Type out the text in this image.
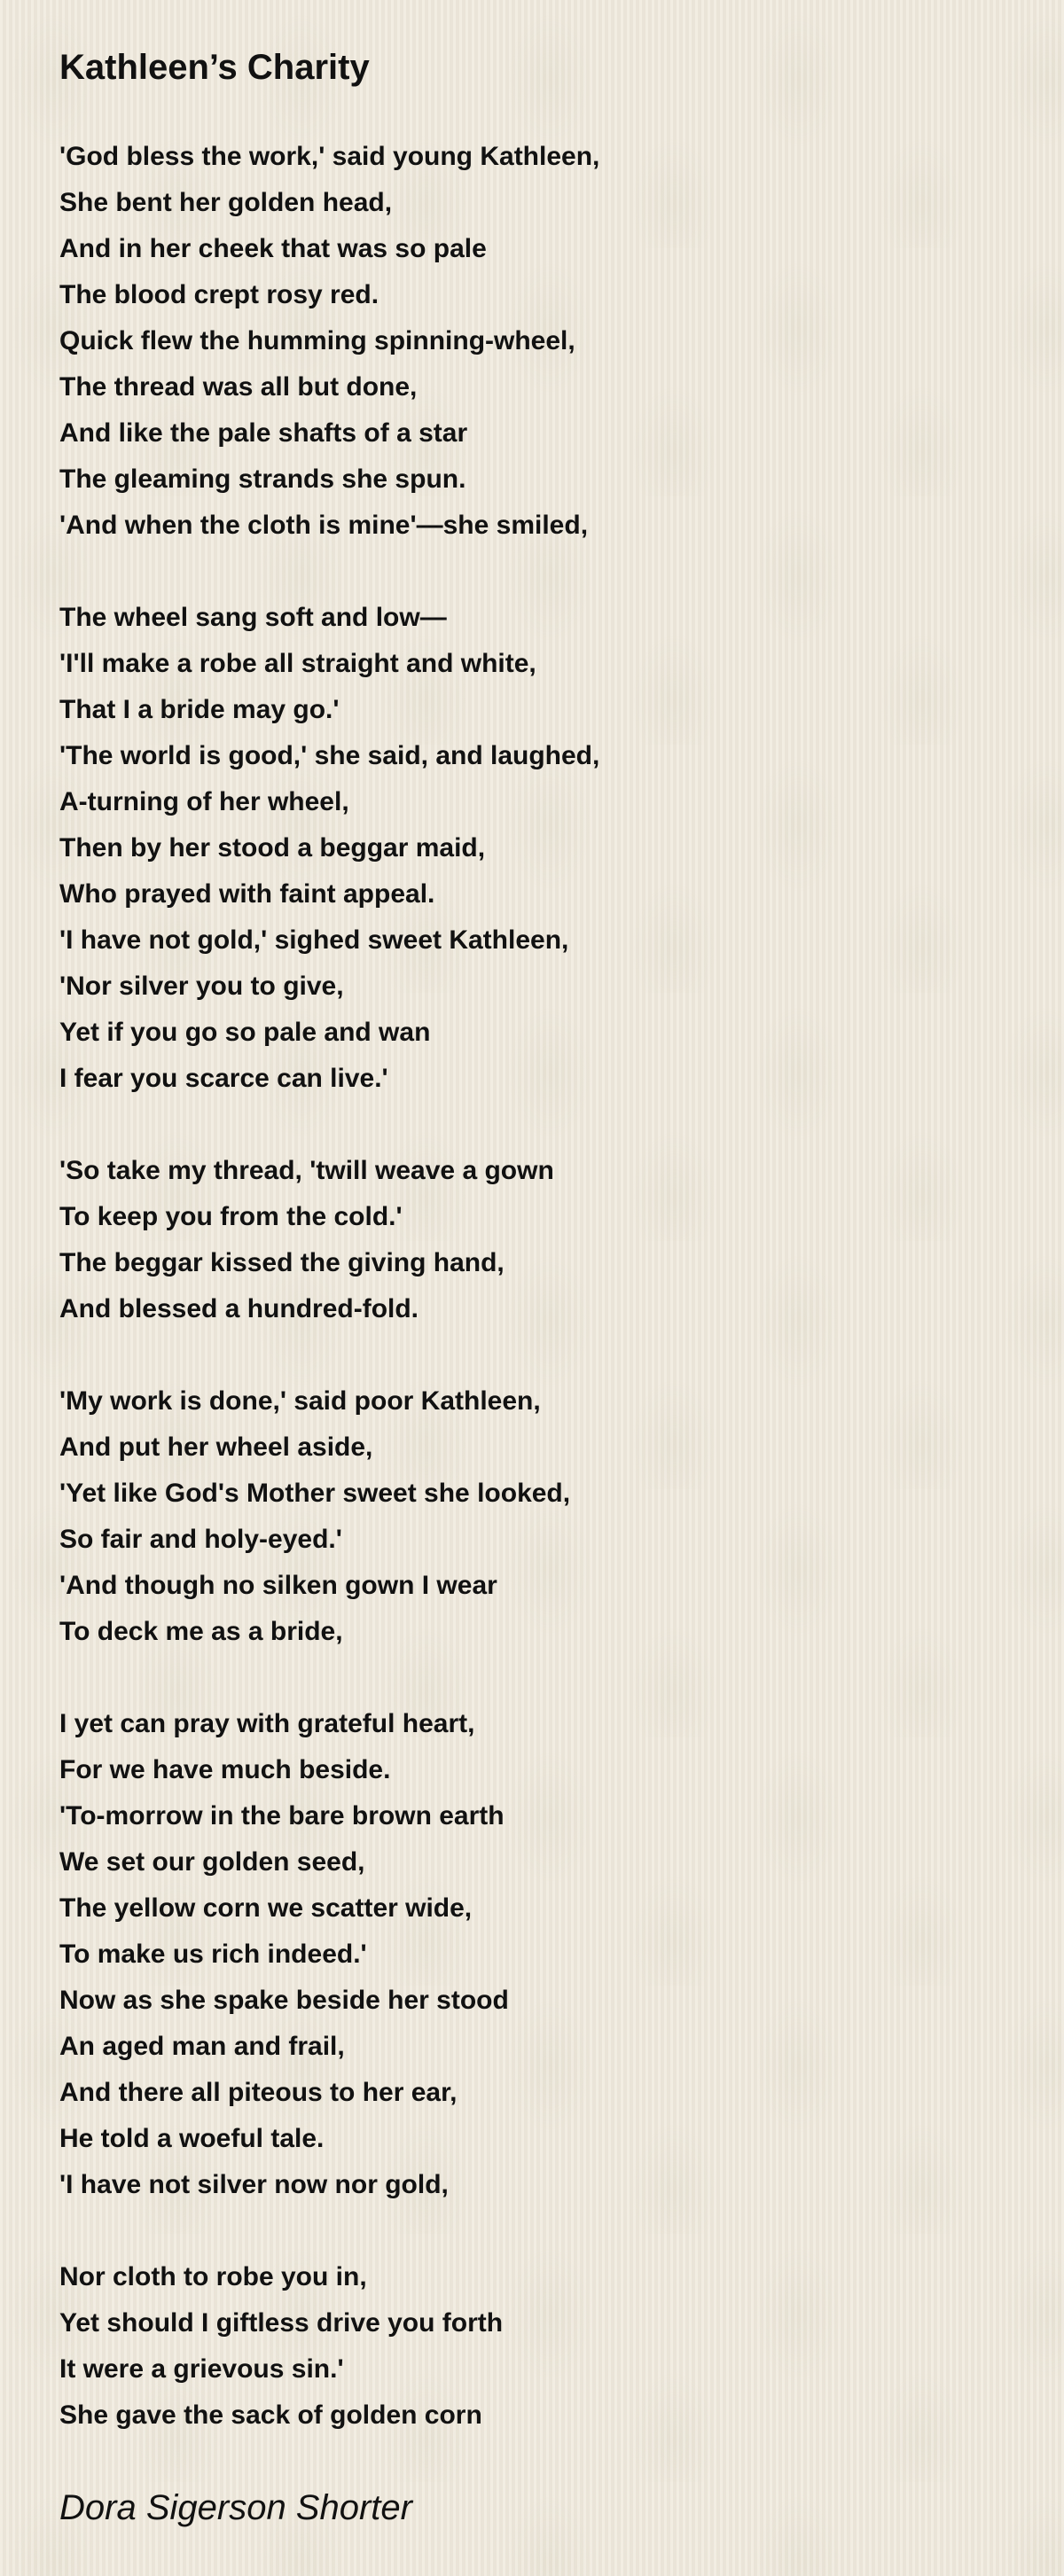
Kathleen’s Charity
'God bless the work,' said young Kathleen,
She bent her golden head,
And in her cheek that was so pale
The blood crept rosy red.
Quick flew the humming spinning-wheel,
The thread was all but done,
And like the pale shafts of a star
The gleaming strands she spun.
'And when the cloth is mine'—she smiled,
The wheel sang soft and low—
'I'll make a robe all straight and white,
That I a bride may go.'
'The world is good,' she said, and laughed,
A-turning of her wheel,
Then by her stood a beggar maid,
Who prayed with faint appeal.
'I have not gold,' sighed sweet Kathleen,
'Nor silver you to give,
Yet if you go so pale and wan
I fear you scarce can live.'
'So take my thread, 'twill weave a gown
To keep you from the cold.'
The beggar kissed the giving hand,
And blessed a hundred-fold.
'My work is done,' said poor Kathleen,
And put her wheel aside,
'Yet like God's Mother sweet she looked,
So fair and holy-eyed.'
'And though no silken gown I wear
To deck me as a bride,
I yet can pray with grateful heart,
For we have much beside.
'To-morrow in the bare brown earth
We set our golden seed,
The yellow corn we scatter wide,
To make us rich indeed.'
Now as she spake beside her stood
An aged man and frail,
And there all piteous to her ear,
He told a woeful tale.
'I have not silver now nor gold,
Nor cloth to robe you in,
Yet should I giftless drive you forth
It were a grievous sin.'
She gave the sack of golden corn

Dora Sigerson Shorter
